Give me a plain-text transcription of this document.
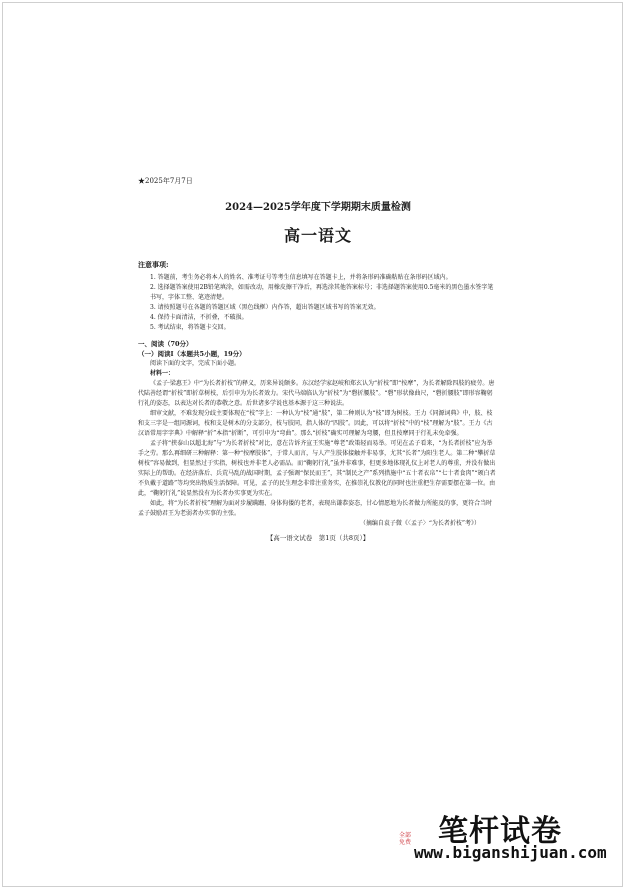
★2025年7月7日
2024—2025学年度下学期期末质量检测
高一语文
注意事项:

1. 答题前，考生务必将本人的姓名、准考证号等考生信息填写在答题卡上，并将条形码准确粘贴在条形码区域内。

2. 选择题答案使用2B铅笔填涂，如需改动，用橡皮擦干净后，再选涂其他答案标号；非选择题答案使用0.5毫米的黑色墨水签字笔书写，字体工整、笔迹清楚。

3. 请按照题号在各题的答题区域（黑色线框）内作答，超出答题区域书写的答案无效。

4. 保持卡面清洁，不折叠，不破损。

5. 考试结束，将答题卡交回。

一、阅读（70分）
（一）阅读Ⅰ（本题共5小题，19分）

阅读下面的文字，完成下面小题。

材料一：

《孟子·梁惠王》中“为长者折枝”的释义，历来异说颇多。东汉经学家赵岐和郑玄认为“折枝”即“按摩”，为长者解除四肢的疲劳。唐代陆善经谓“折枝”即折草树枝，后引申为为长者效力。宋代马端临认为“折枝”为“磬折腰肢”。“磬”形状像曲尺，“磬折腰肢”即形容鞠躬行礼的姿态，以表达对长者的恭敬之意。后世诸多学说也基本源于这三种说法。

细审文献，不难发现分歧主要体现在“枝”字上：一种认为“枝”通“肢”，第二种则认为“枝”即为树枝。王力《同源词典》中，肢、枝和支三字是一组同源词，枝和支是树木的分支部分，枝与肢同，指人体的“四肢”。因此，可以将“折枝”中的“枝”理解为“肢”。王力《古汉语常用字字典》中解释“折”本指“折断”，可引申为“弯曲”。那么“折枝”确实可理解为弯腰，但且按摩同于行礼未免牵强。

孟子将“挟泰山以超北海”与“为长者折枝”对比，意在告诉齐宣王实施“尊老”政策轻而易举。可见在孟子看来，“为长者折枝”应为举手之劳。那么再细研三种解释：第一种“按摩肢体”，于常人而言，与人产生肢体接触并非易事，尤其“长者”为阳生老人。第二种“攀折草树枝”容易做到，但显然过于实指，树枝也并非老人必需品。而“鞠躬行礼”虽并非难事，但更多地体现礼仪上对老人的尊重，并没有做出实际上的帮助。在经济落后、兵荒马乱的战国时期，孟子强调“保民而王”，其“制民之产”系列措施中“五十者衣帛”“七十者食肉”“颁白者不负戴于道路”等均突出物质生活保障。可见，孟子的民生理念非常注重务实，在推崇礼仪教化的同时也注重把生存需要摆在第一位。由此，“鞠躬行礼”说显然没有为长者办实事更为实在。

如此，将“为长者折枝”理解为面对步履蹒跚、身体佝偻的老者，表现出谦恭姿态，甘心情愿地为长者做力所能及的事，更符合当时孟子鼓励君王为老弱者办实事的主张。

（摘编自袁子微《〈孟子〉“为长者折枝”考》）
【高一语文试卷　第1页（共8页）】
笔杆试卷
全部免费
www.biganshijuan.com
